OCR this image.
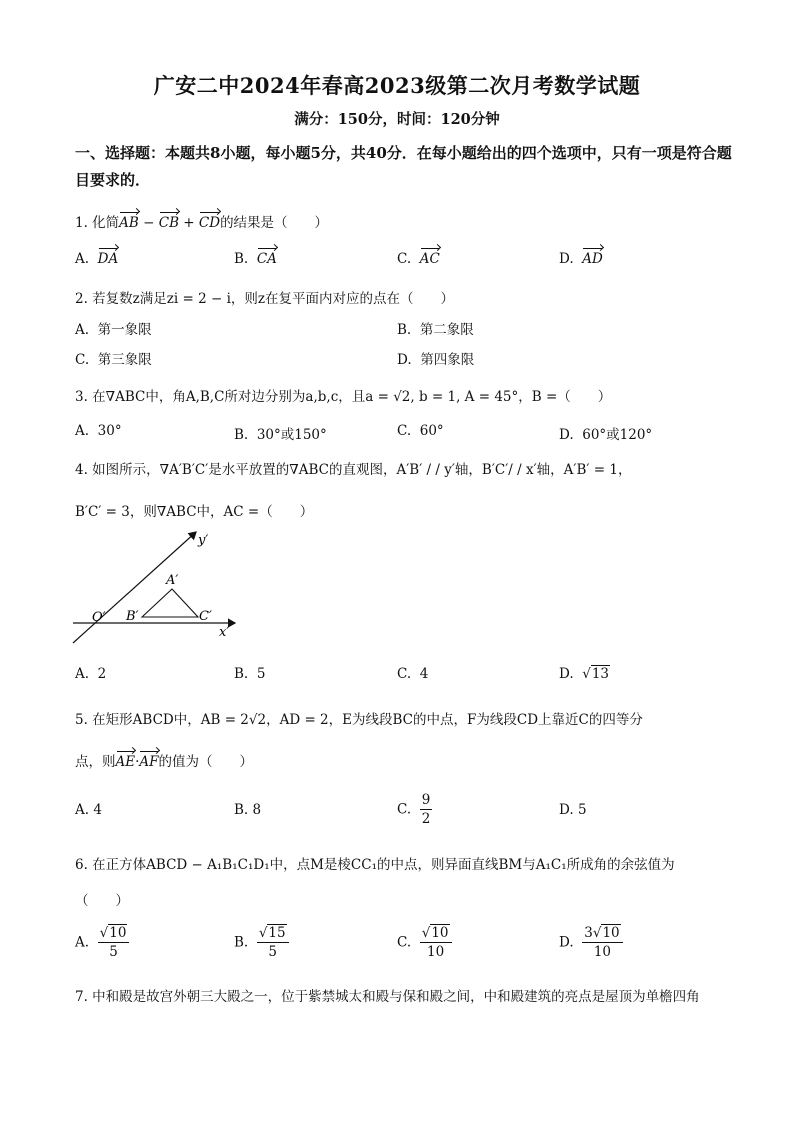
广安二中2024年春高2023级第二次月考数学试题
满分：150分，时间：120分钟
一、选择题：本题共8小题，每小题5分，共40分．在每小题给出的四个选项中，只有一项是符合题目要求的．
1. 化简AB − CB + CD的结果是（　　）
A. DA	B. CA	C. AC	D. AD
2. 若复数z满足zi = 2 − i，则z在复平面内对应的点在（　　）
A. 第一象限	B. 第二象限
C. 第三象限	D. 第四象限
3. 在∇ABC中，角A,B,C所对边分别为a,b,c，且a = √2, b = 1, A = 45°，B =（　　）
A. 30°	B. 30°或150°	C. 60°	D. 60°或120°
4. 如图所示，∇A′B′C′是水平放置的∇ABC的直观图，A′B′ / / y′轴，B′C′/ / x′轴，A′B′ = 1，
B′C′ = 3，则∇ABC中，AC =（　　）
y′
x′
O′
A′
B′	C′
A. 2	B. 5	C. 4	D. √13
5. 在矩形ABCD中，AB = 2√2，AD = 2，E为线段BC的中点，F为线段CD上靠近C的四等分
点，则AE·AF的值为（　　）
A. 4	B. 8	C. $\frac{9}{2}$	D. 5
6. 在正方体ABCD − A₁B₁C₁D₁中，点M是棱CC₁的中点，则异面直线BM与A₁C₁所成角的余弦值为
（　　）
A. $\frac{√10}{5}$	B. $\frac{√15}{5}$	C. $\frac{√10}{10}$	D. $\frac{3√10}{10}$
7. 中和殿是故宫外朝三大殿之一，位于紫禁城太和殿与保和殿之间，中和殿建筑的亮点是屋顶为单檐四角
